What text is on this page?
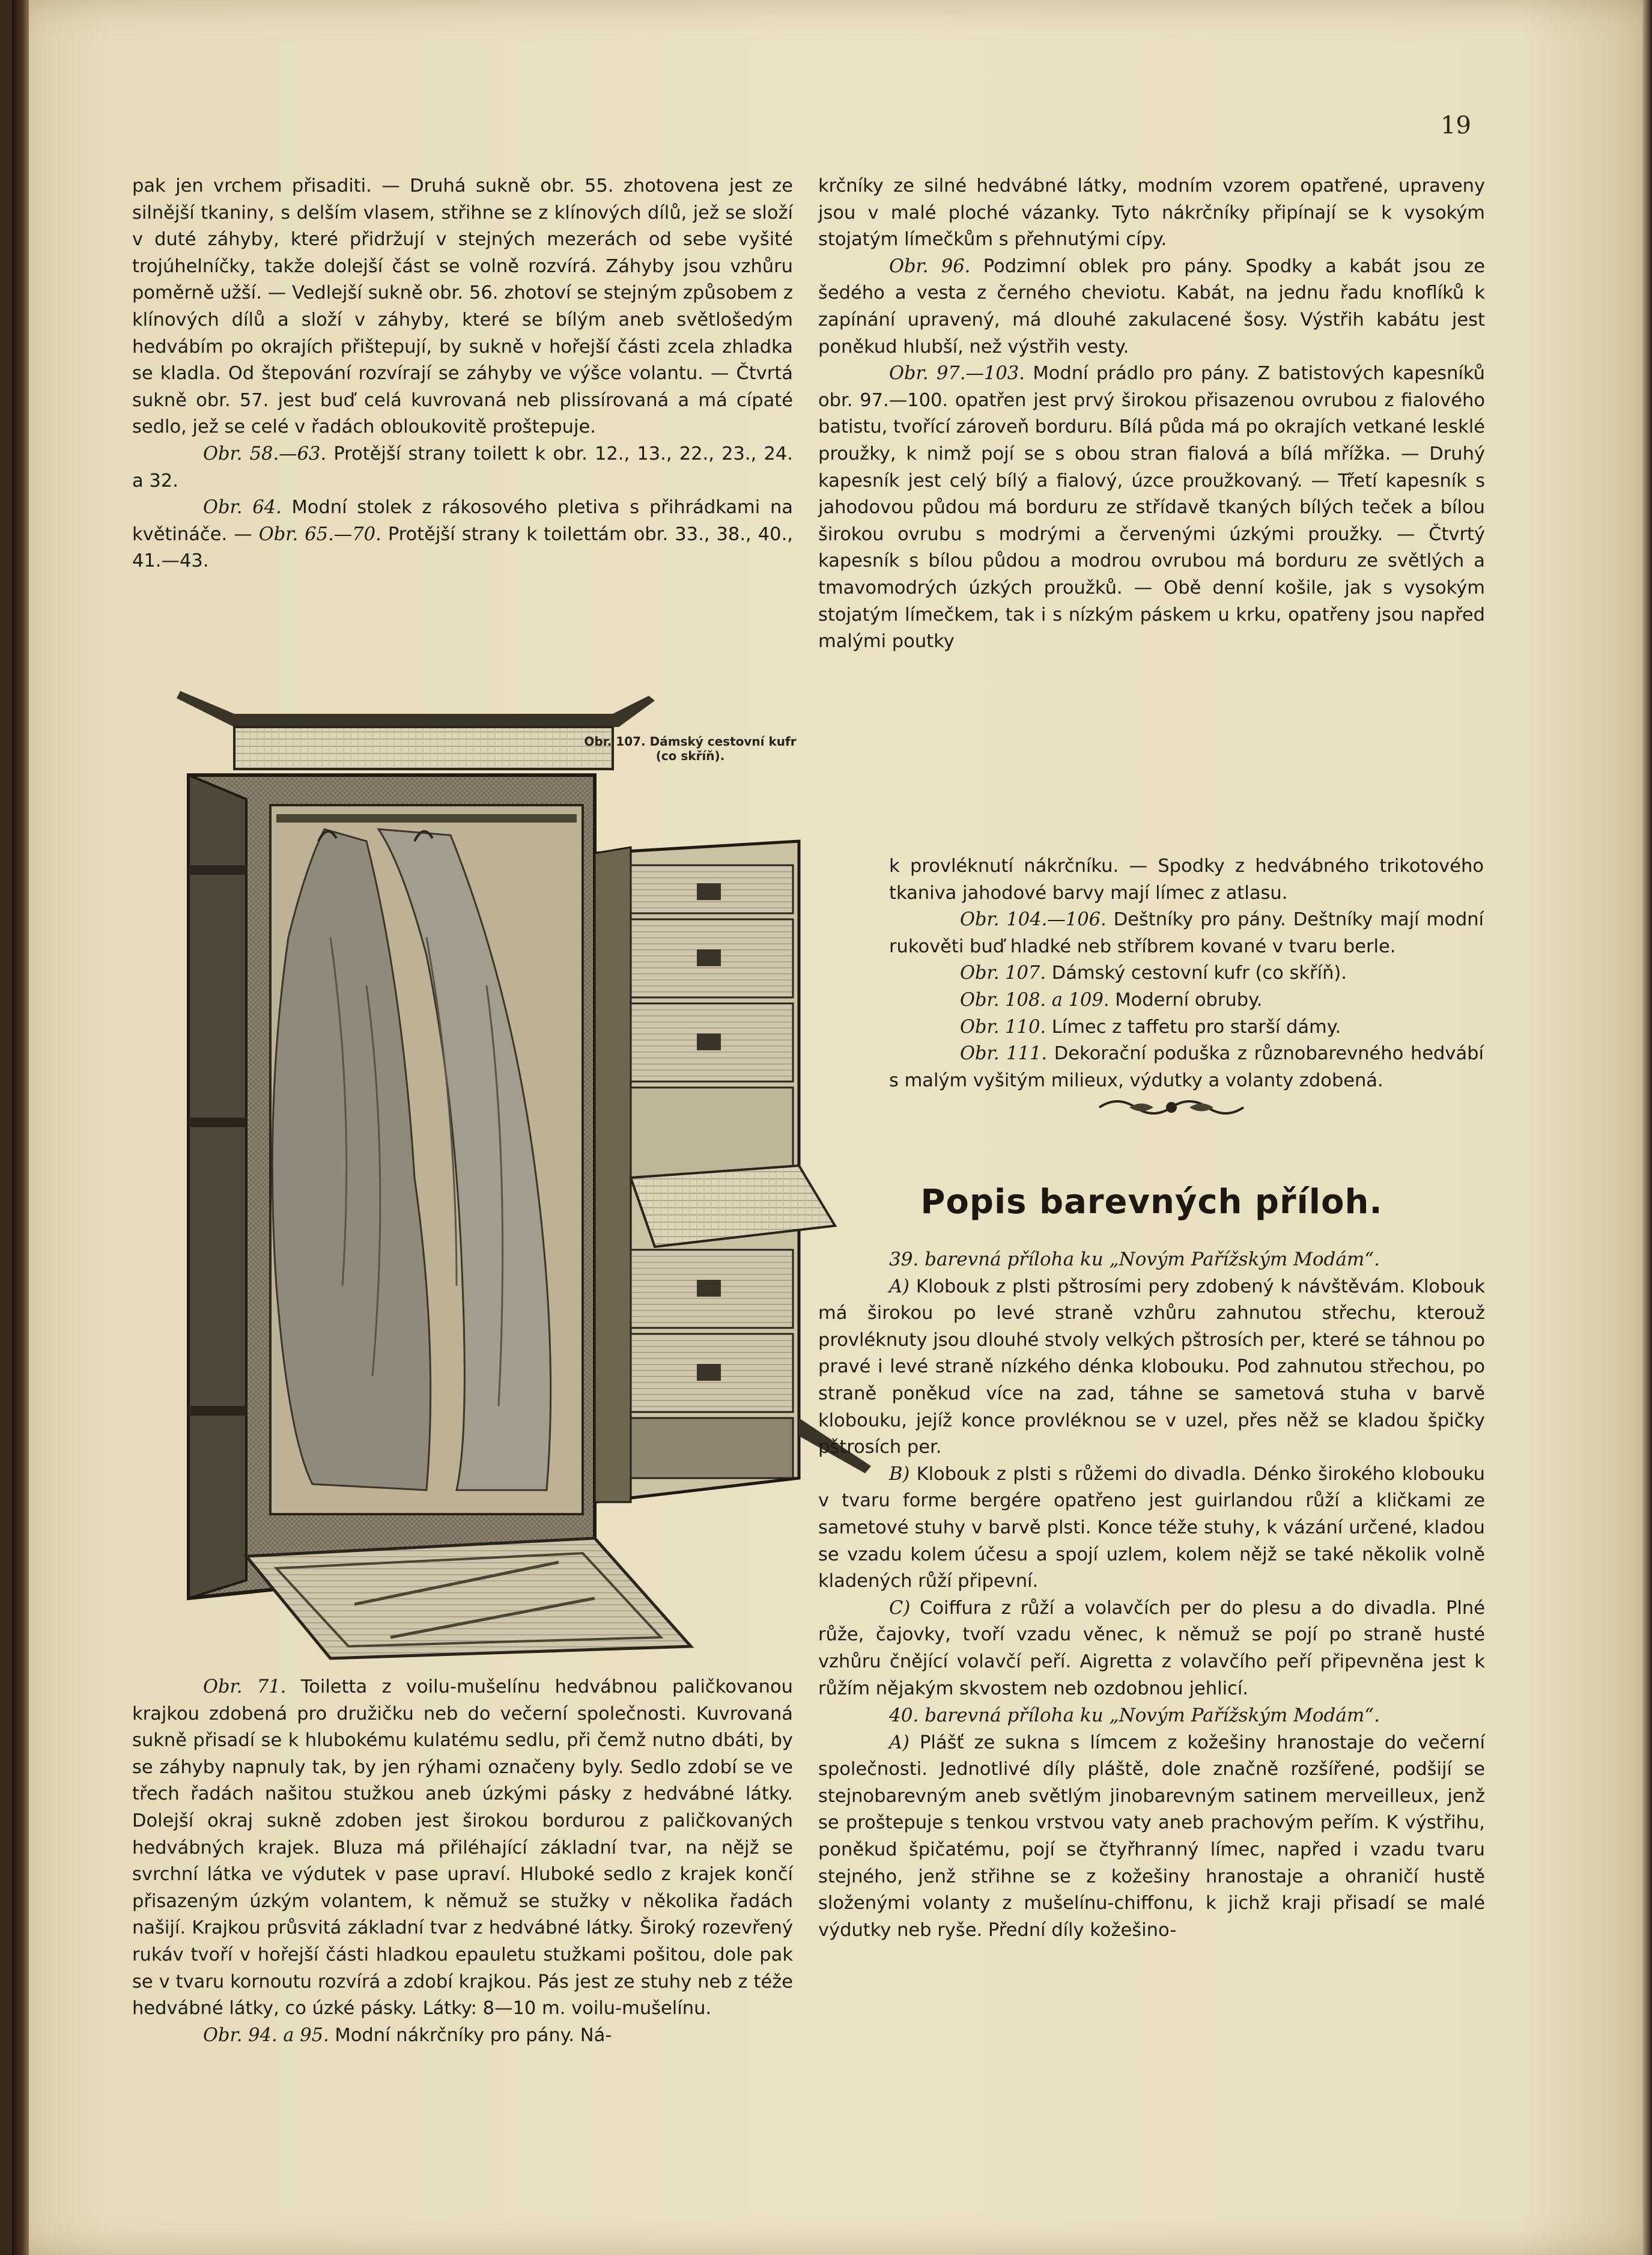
19

pak jen vrchem přisaditi. — Druhá sukně obr. 55. zhotovena jest ze silnější tkaniny, s delším vlasem, střihne se z klínových dílů, jež se složí v duté záhyby, které přidržují v stejných mezerách od sebe vyšité trojúhelníčky, takže dolejší část se volně rozvírá. Záhyby jsou vzhůru poměrně užší. — Vedlejší sukně obr. 56. zhotoví se stejným způsobem z klínových dílů a složí v záhyby, které se bílým aneb světlošedým hedvábím po okrajích přištepují, by sukně v hořejší části zcela zhladka se kladla. Od štepování rozvírají se záhyby ve výšce volantu. — Čtvrtá sukně obr. 57. jest buď celá kuvrovaná neb plissírovaná a má cípaté sedlo, jež se celé v řadách obloukovitě proštepuje.

Obr. 58.—63. Protější strany toilett k obr. 12., 13., 22., 23., 24. a 32.

Obr. 64. Modní stolek z rákosového pletiva s přihrádkami na květináče. — Obr. 65.—70. Protější strany k toilettám obr. 33., 38., 40., 41.—43.

Obr. 107. Dámský cestovní kufr (co skříň).

Obr. 71. Toiletta z voilu-mušelínu hedvábnou paličkovanou krajkou zdobená pro družičku neb do večerní společnosti. Kuvrovaná sukně přisadí se k hlubokému kulatému sedlu, při čemž nutno dbáti, by se záhyby napnuly tak, by jen rýhami označeny byly. Sedlo zdobí se ve třech řadách našitou stužkou aneb úzkými pásky z hedvábné látky. Dolejší okraj sukně zdoben jest širokou bordurou z paličkovaných hedvábných krajek. Bluza má přiléhající základní tvar, na nějž se svrchní látka ve výdutek v pase upraví. Hluboké sedlo z krajek končí přisazeným úzkým volantem, k němuž se stužky v několika řadách našijí. Krajkou průsvitá základní tvar z hedvábné látky. Široký rozevřený rukáv tvoří v hořejší části hladkou epauletu stužkami pošitou, dole pak se v tvaru kornoutu rozvírá a zdobí krajkou. Pás jest ze stuhy neb z téže hedvábné látky, co úzké pásky. Látky: 8—10 m. voilu-mušelínu.

Obr. 94. a 95. Modní nákrčníky pro pány. Ná-

krčníky ze silné hedvábné látky, modním vzorem opatřené, upraveny jsou v malé ploché vázanky. Tyto nákrčníky připínají se k vysokým stojatým límečkům s přehnutými cípy.

Obr. 96. Podzimní oblek pro pány. Spodky a kabát jsou ze šedého a vesta z černého cheviotu. Kabát, na jednu řadu knoflíků k zapínání upravený, má dlouhé zakulacené šosy. Výstřih kabátu jest poněkud hlubší, než výstřih vesty.

Obr. 97.—103. Modní prádlo pro pány. Z batistových kapesníků obr. 97.—100. opatřen jest prvý širokou přisazenou ovrubou z fialového batistu, tvořící zároveň borduru. Bílá půda má po okrajích vetkané lesklé proužky, k nimž pojí se s obou stran fialová a bílá mřížka. — Druhý kapesník jest celý bílý a fialový, úzce proužkovaný. — Třetí kapesník s jahodovou půdou má borduru ze střídavě tkaných bílých teček a bílou širokou ovrubu s modrými a červenými úzkými proužky. — Čtvrtý kapesník s bílou půdou a modrou ovrubou má borduru ze světlých a tmavomodrých úzkých proužků. — Obě denní košile, jak s vysokým stojatým límečkem, tak i s nízkým páskem u krku, opatřeny jsou napřed malými poutky

k provléknutí nákrčníku. — Spodky z hedvábného trikotového tkaniva jahodové barvy mají límec z atlasu.

Obr. 104.—106. Deštníky pro pány. Deštníky mají modní rukověti buď hladké neb stříbrem kované v tvaru berle.

Obr. 107. Dámský cestovní kufr (co skříň).

Obr. 108. a 109. Moderní obruby.

Obr. 110. Límec z taffetu pro starší dámy.

Obr. 111. Dekorační poduška z různobarevného hedvábí s malým vyšitým milieux, výdutky a volanty zdobená.

Popis barevných příloh.

39. barevná příloha ku „Novým Pařížským Modám“.

A) Klobouk z plsti pštrosími pery zdobený k návštěvám. Klobouk má širokou po levé straně vzhůru zahnutou střechu, kterouž provléknuty jsou dlouhé stvoly velkých pštrosích per, které se táhnou po pravé i levé straně nízkého dénka klobouku. Pod zahnutou střechou, po straně poněkud více na zad, táhne se sametová stuha v barvě klobouku, jejíž konce provléknou se v uzel, přes něž se kladou špičky pštrosích per.

B) Klobouk z plsti s růžemi do divadla. Dénko širokého klobouku v tvaru forme bergére opatřeno jest guirlandou růží a kličkami ze sametové stuhy v barvě plsti. Konce téže stuhy, k vázání určené, kladou se vzadu kolem účesu a spojí uzlem, kolem nějž se také několik volně kladených růží připevní.

C) Coiffura z růží a volavčích per do plesu a do divadla. Plné růže, čajovky, tvoří vzadu věnec, k němuž se pojí po straně husté vzhůru čnějící volavčí peří. Aigretta z volavčího peří připevněna jest k růžím nějakým skvostem neb ozdobnou jehlicí.

40. barevná příloha ku „Novým Pařížským Modám“.

A) Plášť ze sukna s límcem z kožešiny hranostaje do večerní společnosti. Jednotlivé díly pláště, dole značně rozšířené, podšijí se stejnobarevným aneb světlým jinobarevným satinem merveilleux, jenž se proštepuje s tenkou vrstvou vaty aneb prachovým peřím. K výstřihu, poněkud špičatému, pojí se čtyřhranný límec, napřed i vzadu tvaru stejného, jenž střihne se z kožešiny hranostaje a ohraničí hustě složenými volanty z mušelínu-chiffonu, k jichž kraji přisadí se malé výdutky neb ryše. Přední díly kožešino-
